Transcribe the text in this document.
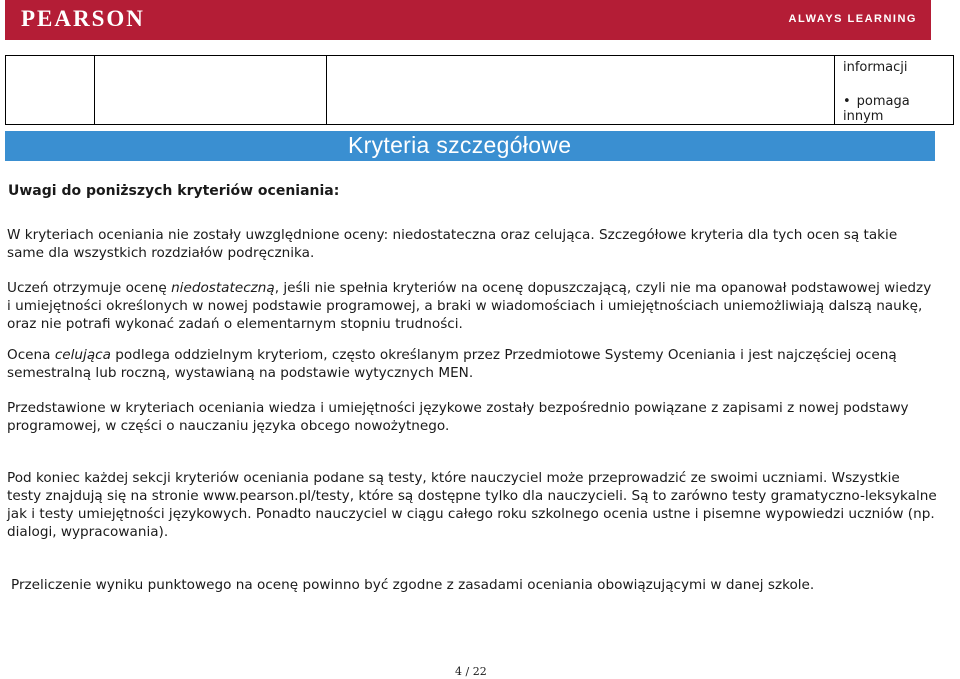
PEARSON	ALWAYS LEARNING
informacji
• pomaga innym
Kryteria szczegółowe
Uwagi do poniższych kryteriów oceniania:

W kryteriach oceniania nie zostały uwzględnione oceny: niedostateczna oraz celująca. Szczegółowe kryteria dla tych ocen są takie same dla wszystkich rozdziałów podręcznika.

Uczeń otrzymuje ocenę niedostateczną, jeśli nie spełnia kryteriów na ocenę dopuszczającą, czyli nie ma opanował podstawowej wiedzy i umiejętności określonych w nowej podstawie programowej, a braki w wiadomościach i umiejętnościach uniemożliwiają dalszą naukę, oraz nie potrafi wykonać zadań o elementarnym stopniu trudności.

Ocena celująca podlega oddzielnym kryteriom, często określanym przez Przedmiotowe Systemy Oceniania i jest najczęściej oceną semestralną lub roczną, wystawianą na podstawie wytycznych MEN.

Przedstawione w kryteriach oceniania wiedza i umiejętności językowe zostały bezpośrednio powiązane z zapisami z nowej podstawy programowej, w części o nauczaniu języka obcego nowożytnego.

Pod koniec każdej sekcji kryteriów oceniania podane są testy, które nauczyciel może przeprowadzić ze swoimi uczniami. Wszystkie testy znajdują się na stronie www.pearson.pl/testy, które są dostępne tylko dla nauczycieli. Są to zarówno testy gramatyczno-leksykalne jak i testy umiejętności językowych. Ponadto nauczyciel w ciągu całego roku szkolnego ocenia ustne i pisemne wypowiedzi uczniów (np. dialogi, wypracowania).

Przeliczenie wyniku punktowego na ocenę powinno być zgodne z zasadami oceniania obowiązującymi w danej szkole.

4 / 22
